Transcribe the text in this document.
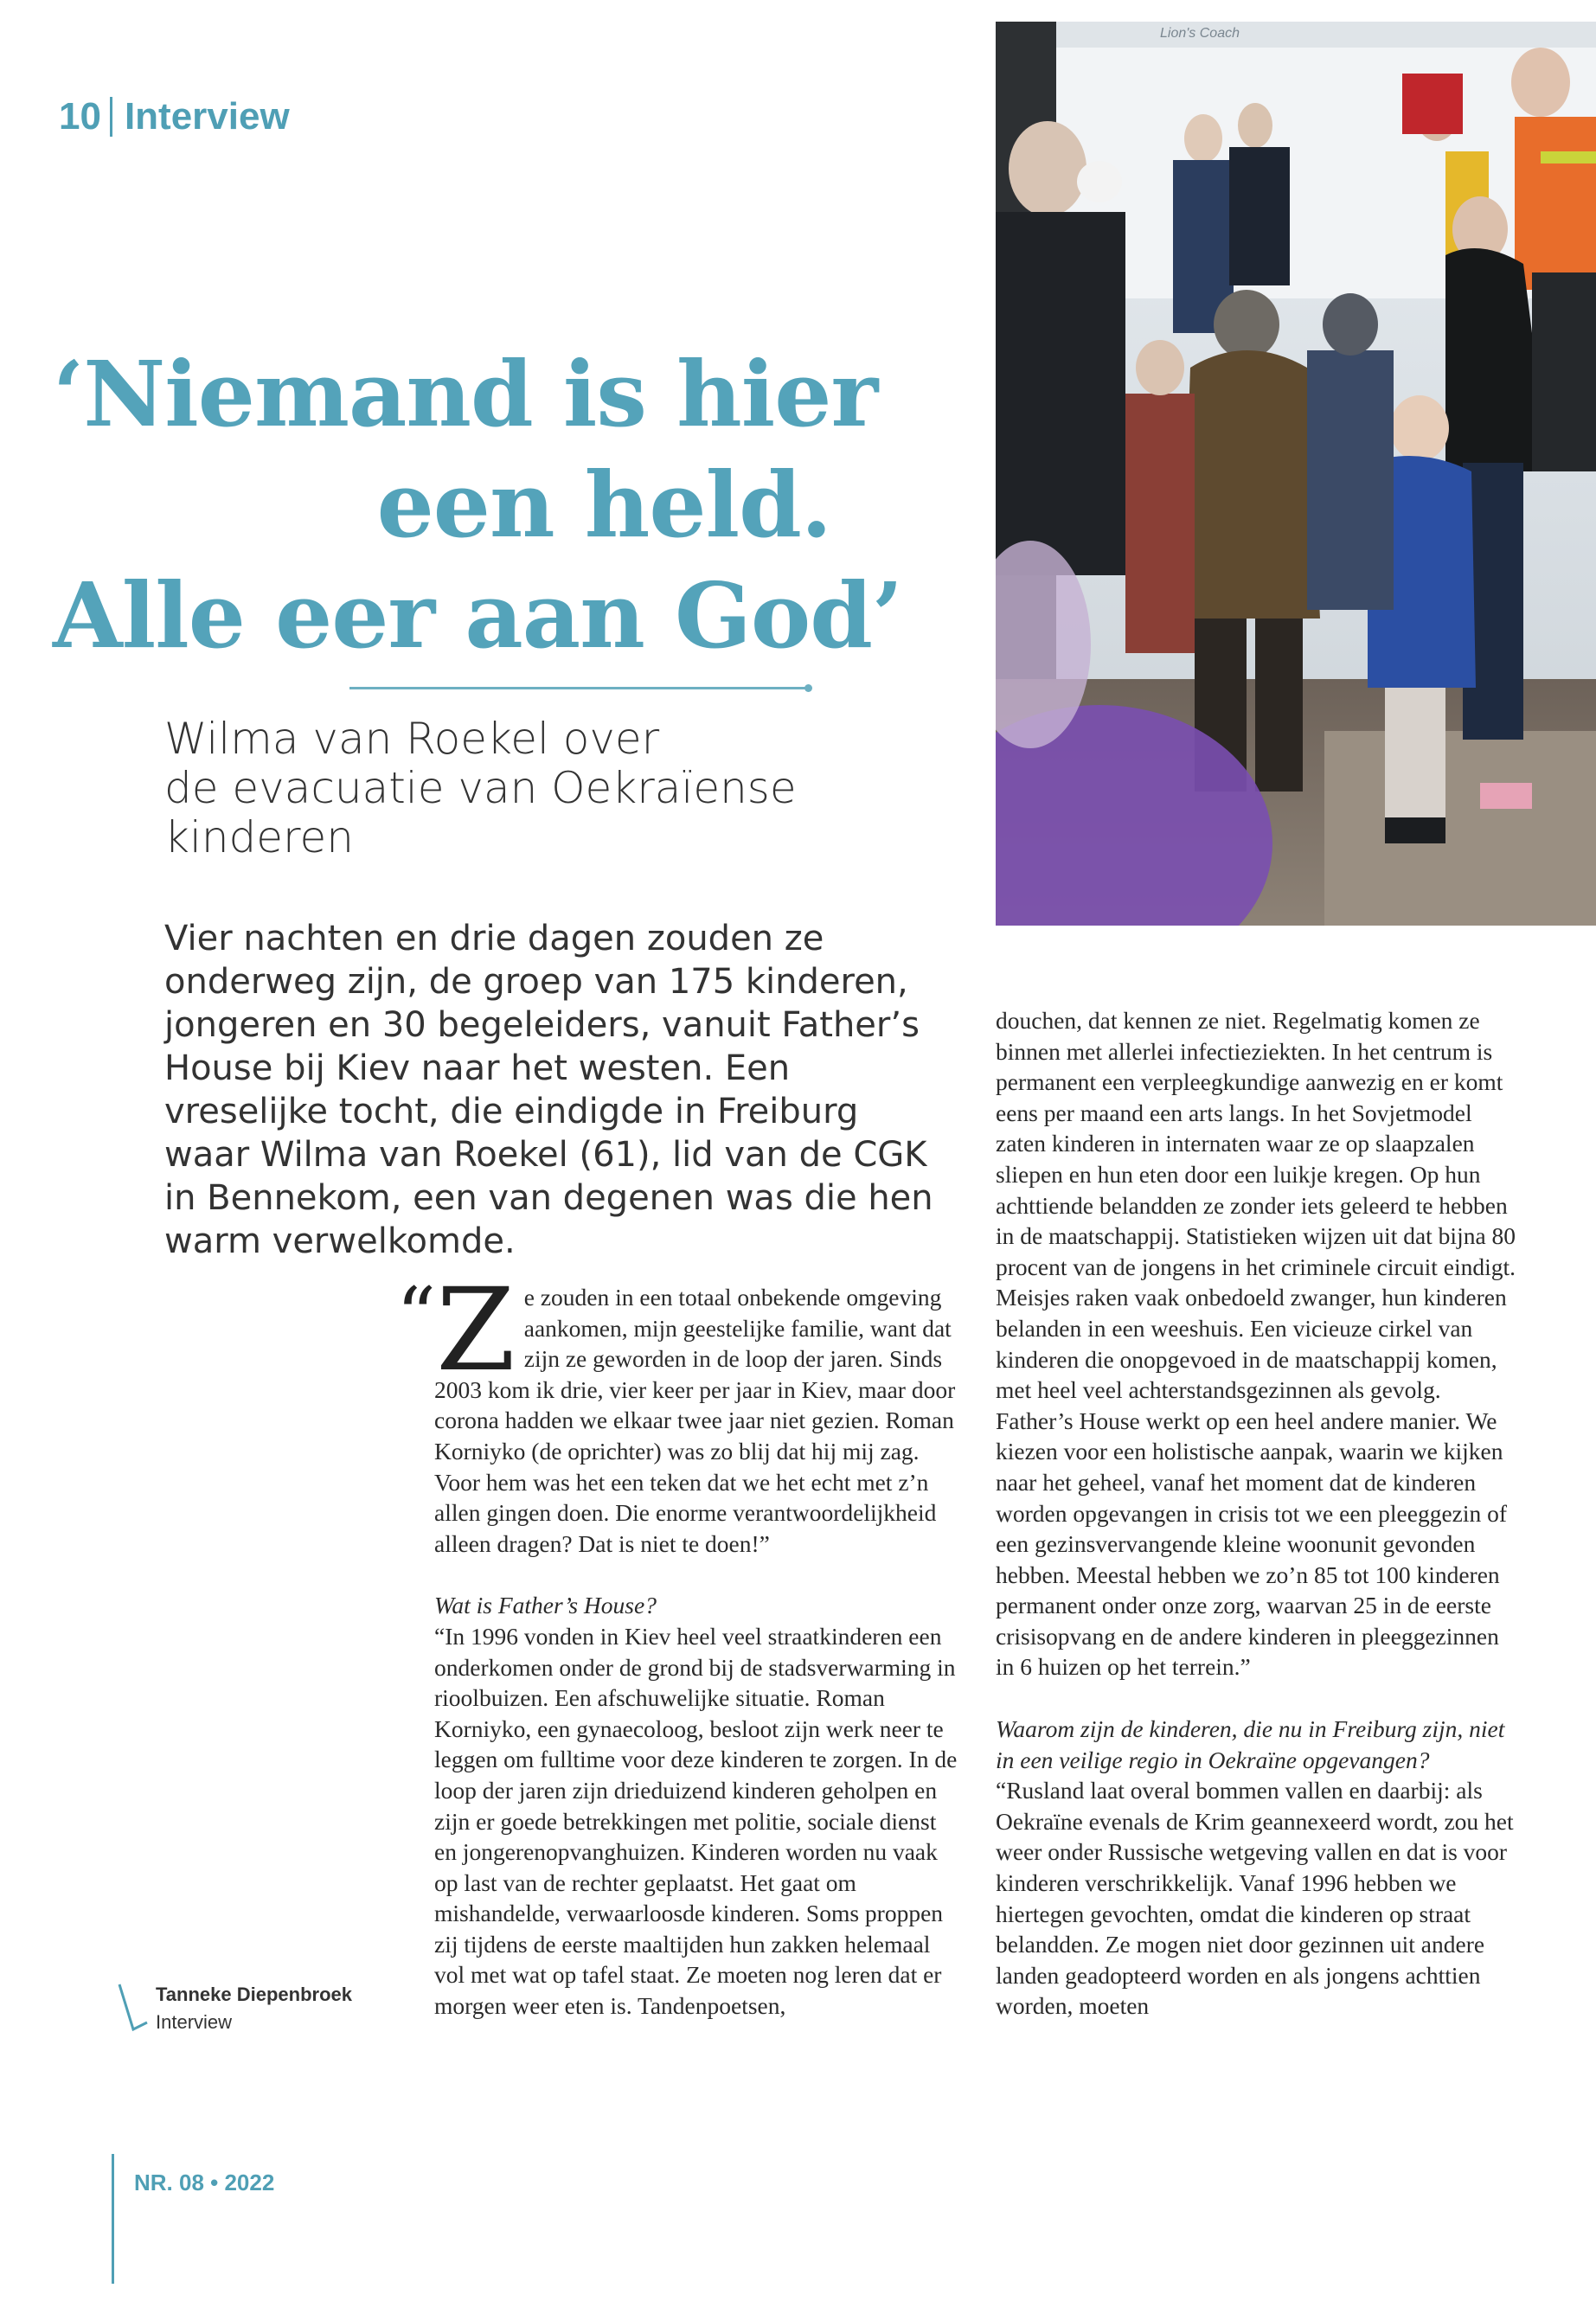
10 Interview
‘Niemand is hier
een held.
Alle eer aan God’
Wilma van Roekel over
de evacuatie van Oekraïense
kinderen
Vier nachten en drie dagen zouden ze onderweg zijn, de groep van 175 kinderen, jongeren en 30 begeleiders, vanuit Father’s House bij Kiev naar het westen. Een vreselijke tocht, die eindigde in Freiburg waar Wilma van Roekel (61), lid van de CGK in Bennekom, een van degenen was die hen warm verwelkomde.
Lion's Coach
“Z e zouden in een totaal onbekende omgeving aankomen, mijn geestelijke familie, want dat zijn ze geworden in de loop der jaren. Sinds 2003 kom ik drie, vier keer per jaar in Kiev, maar door corona hadden we elkaar twee jaar niet gezien. Roman Korniyko (de oprichter) was zo blij dat hij mij zag. Voor hem was het een teken dat we het echt met z’n allen gingen doen. Die enorme verantwoordelijkheid alleen dragen? Dat is niet te doen!”

Wat is Father’s House?

“In 1996 vonden in Kiev heel veel straatkinderen een onderkomen onder de grond bij de stadsverwarming in rioolbuizen. Een afschuwelijke situatie. Roman Korniyko, een gynaecoloog, besloot zijn werk neer te leggen om fulltime voor deze kinderen te zorgen. In de loop der jaren zijn drieduizend kinderen geholpen en zijn er goede betrekkingen met politie, sociale dienst en jongerenopvanghuizen. Kinderen worden nu vaak op last van de rechter geplaatst. Het gaat om mishandelde, verwaarloosde kinderen. Soms proppen zij tijdens de eerste maaltijden hun zakken helemaal vol met wat op tafel staat. Ze moeten nog leren dat er morgen weer eten is. Tandenpoetsen,

douchen, dat kennen ze niet. Regelmatig komen ze binnen met allerlei infectieziekten. In het centrum is permanent een verpleegkundige aanwezig en er komt eens per maand een arts langs. In het Sovjetmodel zaten kinderen in internaten waar ze op slaapzalen sliepen en hun eten door een luikje kregen. Op hun achttiende belandden ze zonder iets geleerd te hebben in de maatschappij. Statistieken wijzen uit dat bijna 80 procent van de jongens in het criminele circuit eindigt. Meisjes raken vaak onbedoeld zwanger, hun kinderen belanden in een weeshuis. Een vicieuze cirkel van kinderen die onopgevoed in de maatschappij komen, met heel veel achterstandsgezinnen als gevolg. Father’s House werkt op een heel andere manier. We kiezen voor een holistische aanpak, waarin we kijken naar het geheel, vanaf het moment dat de kinderen worden opgevangen in crisis tot we een pleeggezin of een gezinsvervangende kleine woonunit gevonden hebben. Meestal hebben we zo’n 85 tot 100 kinderen permanent onder onze zorg, waarvan 25 in de eerste crisisopvang en de andere kinderen in pleeggezinnen in 6 huizen op het terrein.”

Waarom zijn de kinderen, die nu in Freiburg zijn, niet in een veilige regio in Oekraïne opgevangen?

“Rusland laat overal bommen vallen en daarbij: als Oekraïne evenals de Krim geannexeerd wordt, zou het weer onder Russische wetgeving vallen en dat is voor kinderen verschrikkelijk. Vanaf 1996 hebben we hiertegen gevochten, omdat die kinderen op straat belandden. Ze mogen niet door gezinnen uit andere landen geadopteerd worden en als jongens achttien worden, moeten

Tanneke Diepenbroek
Interview
NR. 08 • 2022
